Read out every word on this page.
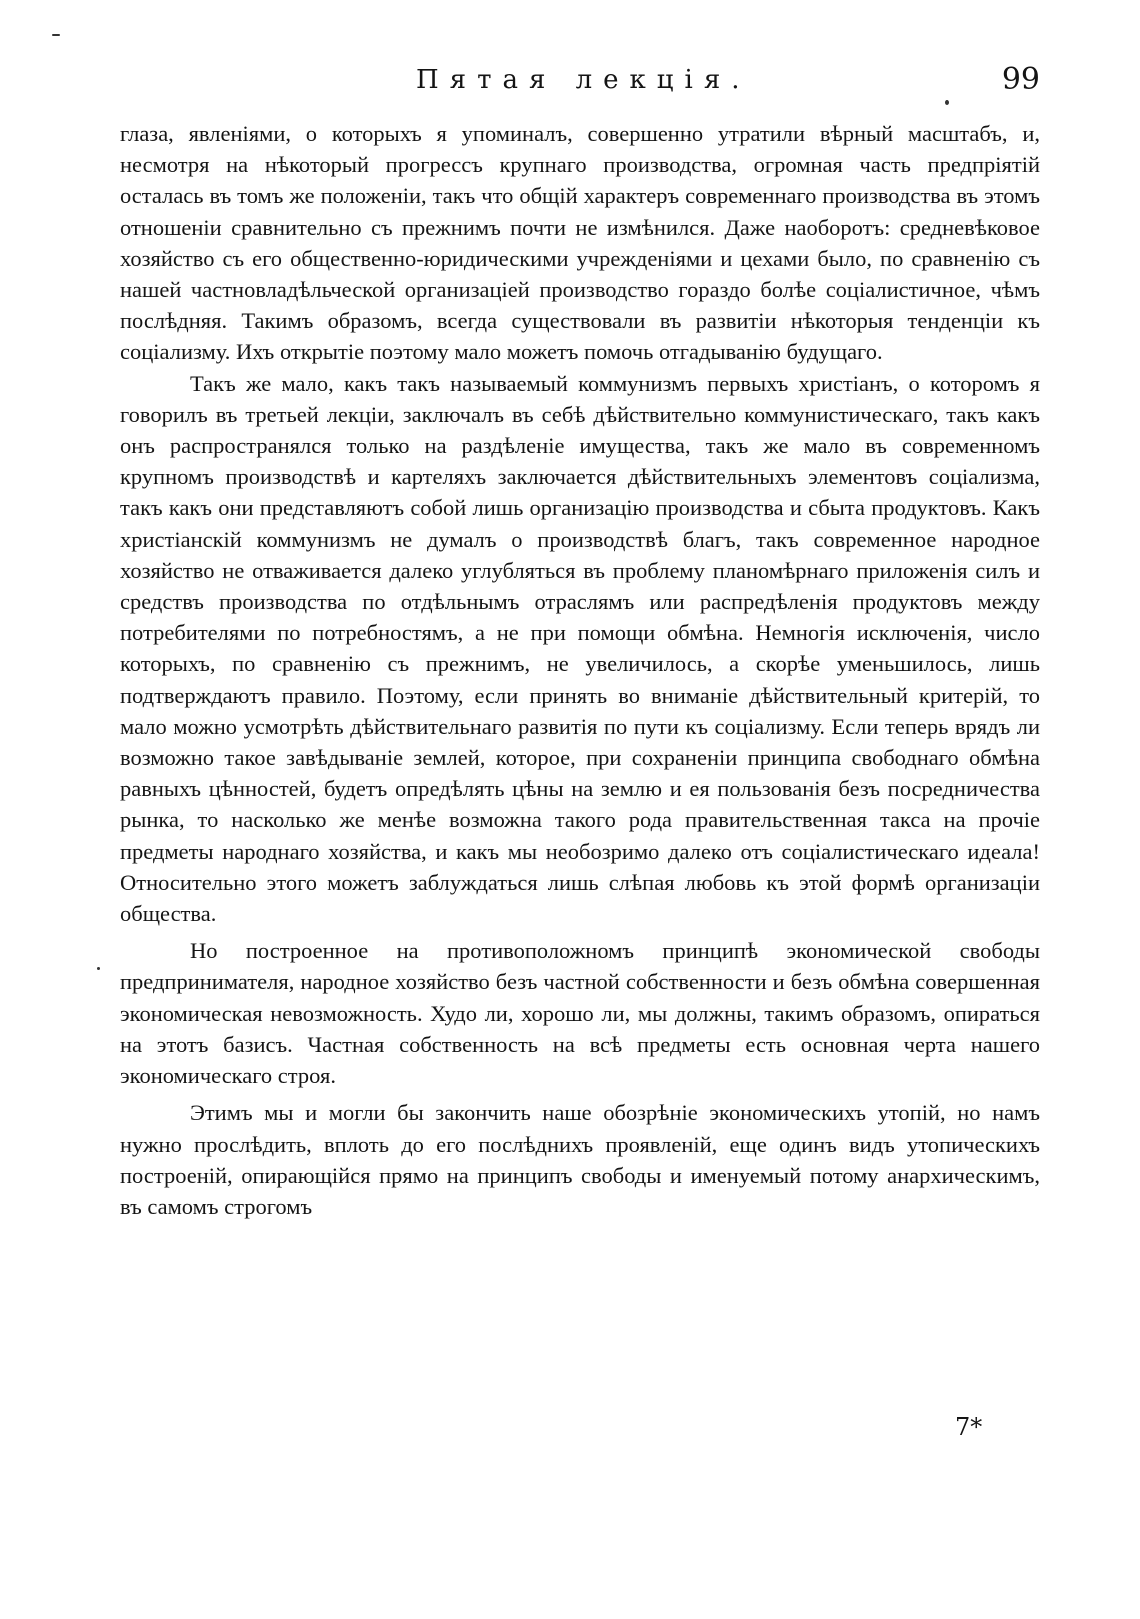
Пятая лекція.	99

глаза, явленіями, о которыхъ я упоминалъ, совершенно утратили вѣрный масштабъ, и, несмотря на нѣкоторый прогрессъ крупнаго производства, огромная часть предпріятій осталась въ томъ же положеніи, такъ что общій характеръ современнаго производства въ этомъ отношеніи сравнительно съ прежнимъ почти не измѣнился. Даже наоборотъ: средневѣковое хозяйство съ его общественно-юридическими учрежденіями и цехами было, по сравненію съ нашей частновладѣльческой организаціей производство гораздо болѣе соціалистичное, чѣмъ послѣдняя. Такимъ образомъ, всегда существовали въ развитіи нѣкоторыя тенденціи къ соціализму. Ихъ открытіе поэтому мало можетъ помочь отгадыванію будущаго.

Такъ же мало, какъ такъ называемый коммунизмъ первыхъ христіанъ, о которомъ я говорилъ въ третьей лекціи, заключалъ въ себѣ дѣйствительно коммунистическаго, такъ какъ онъ распространялся только на раздѣленіе имущества, такъ же мало въ современномъ крупномъ производствѣ и картеляхъ заключается дѣйствительныхъ элементовъ соціализма, такъ какъ они представляютъ собой лишь организацію производства и сбыта продуктовъ. Какъ христіанскій коммунизмъ не думалъ о производствѣ благъ, такъ современное народное хозяйство не отваживается далеко углубляться въ проблему планомѣрнаго приложенія силъ и средствъ производства по отдѣльнымъ отраслямъ или распредѣленія продуктовъ между потребителями по потребностямъ, а не при помощи обмѣна. Немногія исключенія, число которыхъ, по сравненію съ прежнимъ, не увеличилось, а скорѣе уменьшилось, лишь подтверждаютъ правило. Поэтому, если принять во вниманіе дѣйствительный критерій, то мало можно усмотрѣть дѣйствительнаго развитія по пути къ соціализму. Если теперь врядъ ли возможно такое завѣдываніе землей, которое, при сохраненіи принципа свободнаго обмѣна равныхъ цѣнностей, будетъ опредѣлять цѣны на землю и ея пользованія безъ посредничества рынка, то насколько же менѣе возможна такого рода правительственная такса на прочіе предметы народнаго хозяйства, и какъ мы необозримо далеко отъ соціалистическаго идеала! Относительно этого можетъ заблуждаться лишь слѣпая любовь къ этой формѣ организаціи общества.

Но построенное на противоположномъ принципѣ экономической свободы предпринимателя, народное хозяйство безъ частной собственности и безъ обмѣна совершенная экономическая невозможность. Худо ли, хорошо ли, мы должны, такимъ образомъ, опираться на этотъ базисъ. Частная собственность на всѣ предметы есть основная черта нашего экономическаго строя.

Этимъ мы и могли бы закончить наше обозрѣніе экономическихъ утопій, но намъ нужно прослѣдить, вплоть до его послѣднихъ проявленій, еще одинъ видъ утопическихъ построеній, опирающійся прямо на принципъ свободы и именуемый потому анархическимъ, въ самомъ строгомъ

7*
